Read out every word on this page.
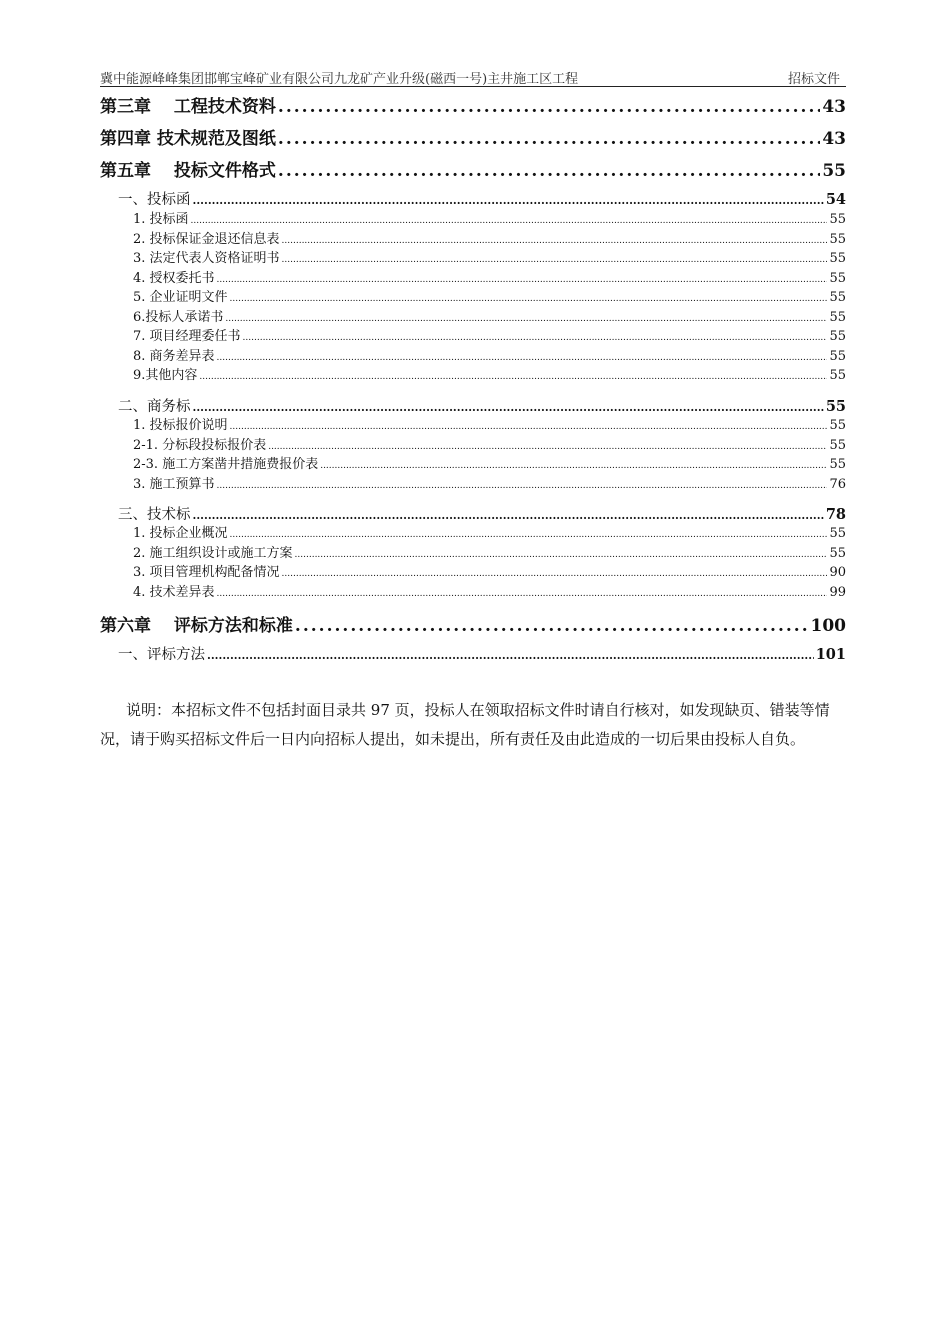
冀中能源峰峰集团邯郸宝峰矿业有限公司九龙矿产业升级(磁西一号)主井施工区工程	招标文件
第三章　 工程技术资料 .....	43
第四章 技术规范及图纸 .....	43
第五章　 投标文件格式 .....	55
一、投标函 .....	54
1. 投标函 .....	55
2. 投标保证金退还信息表 .....	55
3. 法定代表人资格证明书 .....	55
4. 授权委托书 .....	55
5. 企业证明文件 .....	55
6.投标人承诺书 .....	55
7. 项目经理委任书 .....	55
8. 商务差异表 .....	55
9.其他内容 .....	55
二、商务标 .....	55
1. 投标报价说明 .....	55
2-1. 分标段投标报价表 .....	55
2-3. 施工方案凿井措施费报价表 .....	55
3. 施工预算书 .....	76
三、技术标 .....	78
1. 投标企业概况 .....	55
2. 施工组织设计或施工方案 .....	55
3. 项目管理机构配备情况 .....	90
4. 技术差异表 .....	99
第六章　 评标方法和标准 .....	100
一、评标方法 .....	101
说明：本招标文件不包括封面目录共 97 页，投标人在领取招标文件时请自行核对，如发现缺页、错装等情况，请于购买招标文件后一日内向招标人提出，如未提出，所有责任及由此造成的一切后果由投标人自负。
